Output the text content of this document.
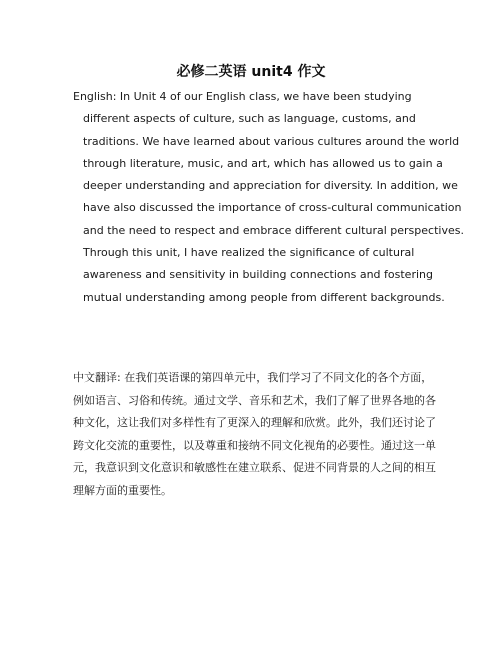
必修二英语 unit4 作文
English: In Unit 4 of our English class, we have been studying
different aspects of culture, such as language, customs, and
traditions. We have learned about various cultures around the world
through literature, music, and art, which has allowed us to gain a
deeper understanding and appreciation for diversity. In addition, we
have also discussed the importance of cross-cultural communication
and the need to respect and embrace different cultural perspectives.
Through this unit, I have realized the significance of cultural
awareness and sensitivity in building connections and fostering
mutual understanding among people from different backgrounds.
中文翻译: 在我们英语课的第四单元中，我们学习了不同文化的各个方面，
例如语言、习俗和传统。通过文学、音乐和艺术，我们了解了世界各地的各
种文化，这让我们对多样性有了更深入的理解和欣赏。此外，我们还讨论了
跨文化交流的重要性，以及尊重和接纳不同文化视角的必要性。通过这一单
元，我意识到文化意识和敏感性在建立联系、促进不同背景的人之间的相互
理解方面的重要性。
